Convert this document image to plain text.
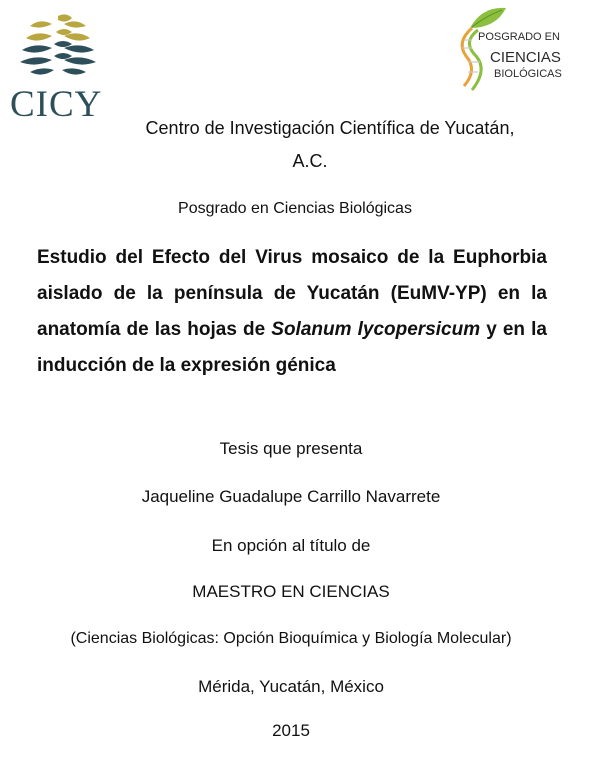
CICY
POSGRADO EN
CIENCIAS
BIOLÓGICAS
Centro de Investigación Científica de Yucatán,
A.C.
Posgrado en Ciencias Biológicas
Estudio del Efecto del Virus mosaico de la Euphorbia aislado de la península de Yucatán (EuMV-YP) en la anatomía de las hojas de Solanum lycopersicum y en la inducción de la expresión génica
Tesis que presenta
Jaqueline Guadalupe Carrillo Navarrete
En opción al título de
MAESTRO EN CIENCIAS
(Ciencias Biológicas: Opción Bioquímica y Biología Molecular)
Mérida, Yucatán, México
2015
